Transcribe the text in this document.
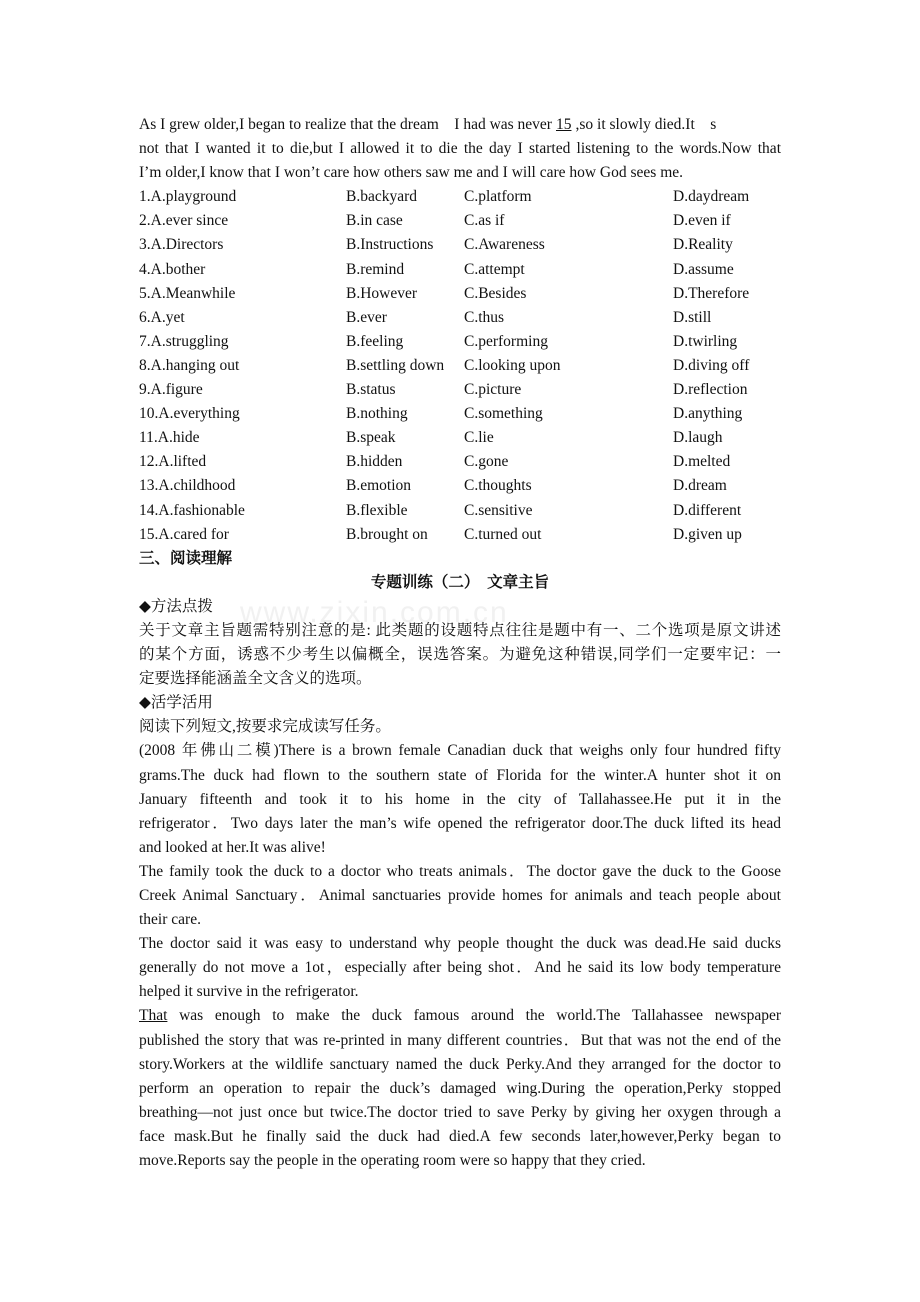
www.zixin.com.cn
As I grew older,I began to realize that the dream I had was never 15 ,so it slowly died.It s
not that I wanted it to die,but I allowed it to die the day I started listening to the words.Now that
I’m older,I know that I won’t care how others saw me and I will care how God sees me.
1.A.playground	B.backyard	C.platform	D.daydream
2.A.ever since	B.in case	C.as if	D.even if
3.A.Directors	B.Instructions C.Awareness	D.Reality
4.A.bother	B.remind	C.attempt	D.assume
5.A.Meanwhile	B.However	C.Besides	D.Therefore
6.A.yet	B.ever	C.thus	D.still
7.A.struggling	B.feeling	C.performing	D.twirling
8.A.hanging out	B.settling down C.looking upon	D.diving off
9.A.figure	B.status	C.picture	D.reflection
10.A.everything	B.nothing	C.something	D.anything
11.A.hide	B.speak	C.lie	D.laugh
12.A.lifted	B.hidden	C.gone	D.melted
13.A.childhood	B.emotion	C.thoughts	D.dream
14.A.fashionable	B.flexible	C.sensitive	D.different
15.A.cared for	B.brought on C.turned out	D.given up
三、阅读理解
专题训练（二）　文章主旨
◆方法点拨
关于文章主旨题需特别注意的是: 此类题的设题特点往往是题中有一、二个选项是原文讲述
的某个方面，诱惑不少考生以偏概全，误选答案。为避免这种错误,同学们一定要牢记：一
定要选择能涵盖全文含义的选项。
◆活学活用
阅读下列短文,按要求完成读写任务。
(2008 年佛山二模)There is a brown female Canadian duck that weighs only four hundred fifty
grams.The duck had flown to the southern state of Florida for the winter.A hunter shot it on
January fifteenth and took it to his home in the city of Tallahassee.He put it in the
refrigerator．Two days later the man’s wife opened the refrigerator door.The duck lifted its head
and looked at her.It was alive!
The family took the duck to a doctor who treats animals．The doctor gave the duck to the Goose
Creek Animal Sanctuary．Animal sanctuaries provide homes for animals and teach people about
their care.
The doctor said it was easy to understand why people thought the duck was dead.He said ducks
generally do not move a 1ot，especially after being shot．And he said its low body temperature
helped it survive in the refrigerator.
That was enough to make the duck famous around the world.The Tallahassee newspaper
published the story that was re-printed in many different countries．But that was not the end of the
story.Workers at the wildlife sanctuary named the duck Perky.And they arranged for the doctor to
perform an operation to repair the duck’s damaged wing.During the operation,Perky stopped
breathing—not just once but twice.The doctor tried to save Perky by giving her oxygen through a
face mask.But he finally said the duck had died.A few seconds later,however,Perky began to
move.Reports say the people in the operating room were so happy that they cried.
